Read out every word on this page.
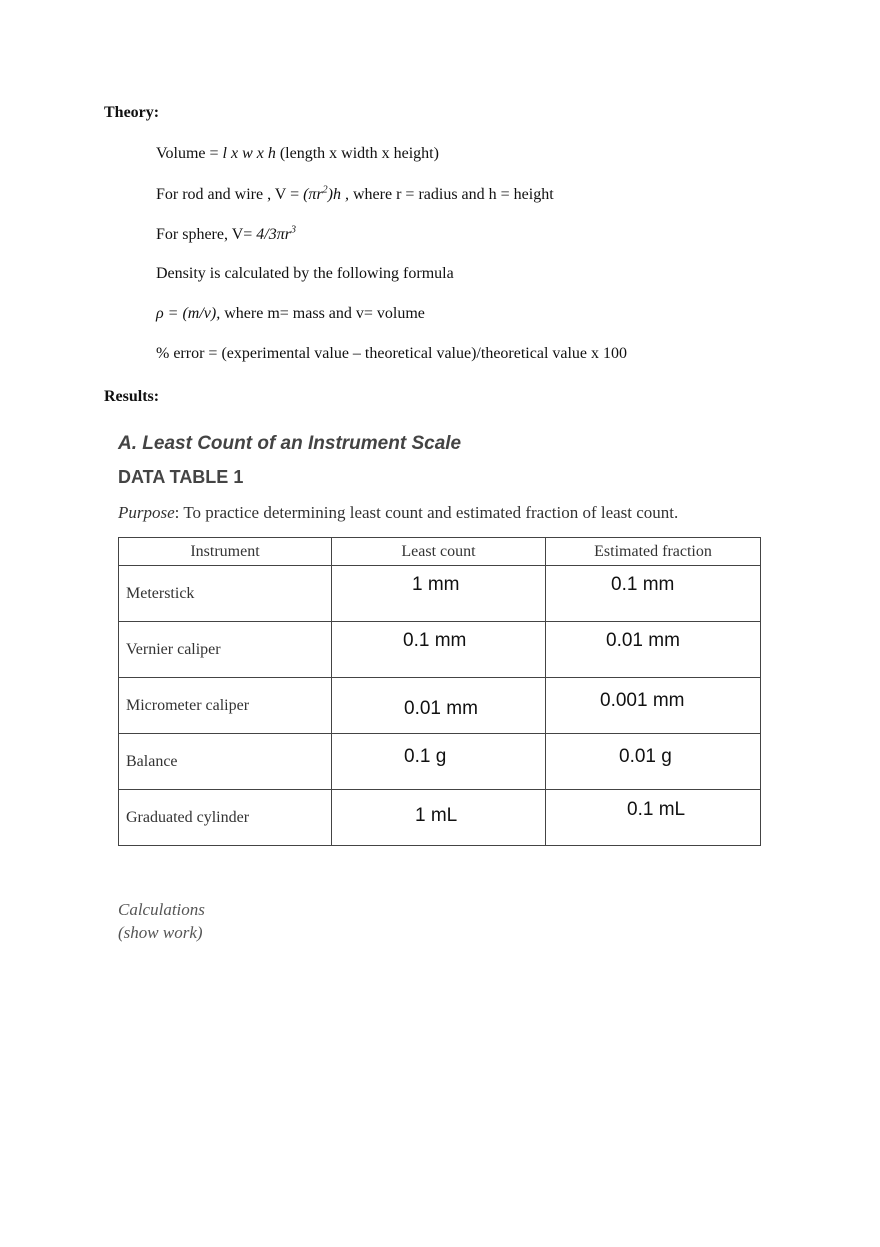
Theory:
Volume = l x w x h (length x width x height)
For rod and wire , $V = (\pi r^2)h$ , where r = radius and h = height
For sphere, $V= 4/3\pi r^3$
Density is calculated by the following formula
ρ = (m/v), where m= mass and v= volume
% error = (experimental value – theoretical value)/theoretical value x 100
Results:
A. Least Count of an Instrument Scale
DATA TABLE 1
Purpose: To practice determining least count and estimated fraction of least count.
Instrument	Least count	Estimated fraction
Meterstick	1 mm	0.1 mm

Vernier caliper	0.1 mm	0.01 mm

Micrometer caliper	0.01 mm	0.001 mm

Balance	0.1 g	0.01 g

Graduated cylinder	1 mL	0.1 mL
Calculations
(show work)
